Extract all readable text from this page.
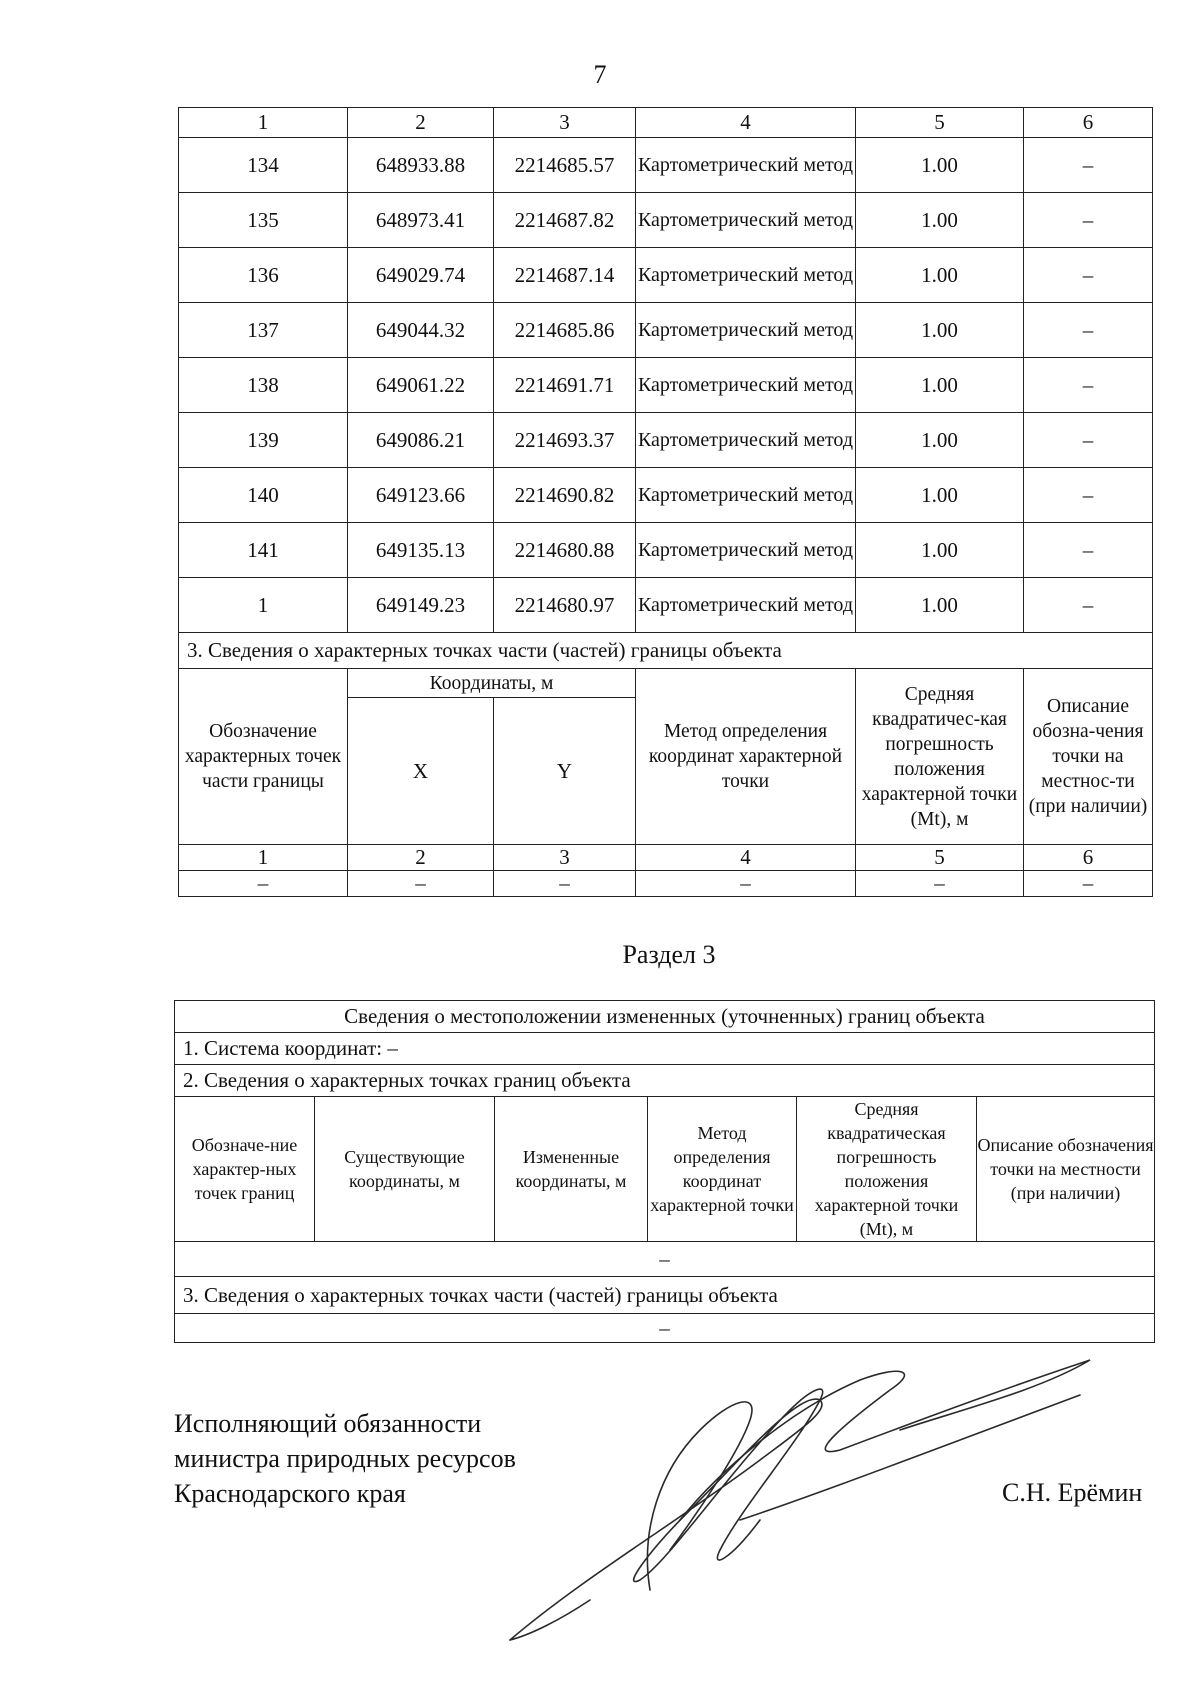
7
1	2	3	4	5	6
134	648933.88	2214685.57	Картометрический метод	1.00	–
135	648973.41	2214687.82	Картометрический метод	1.00	–
136	649029.74	2214687.14	Картометрический метод	1.00	–
137	649044.32	2214685.86	Картометрический метод	1.00	–
138	649061.22	2214691.71	Картометрический метод	1.00	–
139	649086.21	2214693.37	Картометрический метод	1.00	–
140	649123.66	2214690.82	Картометрический метод	1.00	–
141	649135.13	2214680.88	Картометрический метод	1.00	–
1	649149.23	2214680.97	Картометрический метод	1.00	–
3. Сведения о характерных точках части (частей) границы объекта					
Обозначение характерных точек части границы	Координаты, м		Метод определения координат характерной точки	Средняя квадратичес-кая погрешность положения характерной точки (Mt), м	Описание обозна-чения точки на местнос-ти (при наличии)
	X	Y			
1	2	3	4	5	6
–	–	–	–	–	–
Раздел 3
Сведения о местоположении измененных (уточненных) границ объекта
1. Система координат: –
2. Сведения о характерных точках границ объекта
Обозначе-ние характер-ных точек границ	Существующие координаты, м	Измененные координаты, м	Метод определения координат характерной точки	Средняя квадратическая погрешность положения характерной точки (Mt), м	Описание обозначения точки на местности (при наличии)
–
3. Сведения о характерных точках части (частей) границы объекта
–
Исполняющий обязанности
министра природных ресурсов
Краснодарского края	С.Н. Ерёмин
